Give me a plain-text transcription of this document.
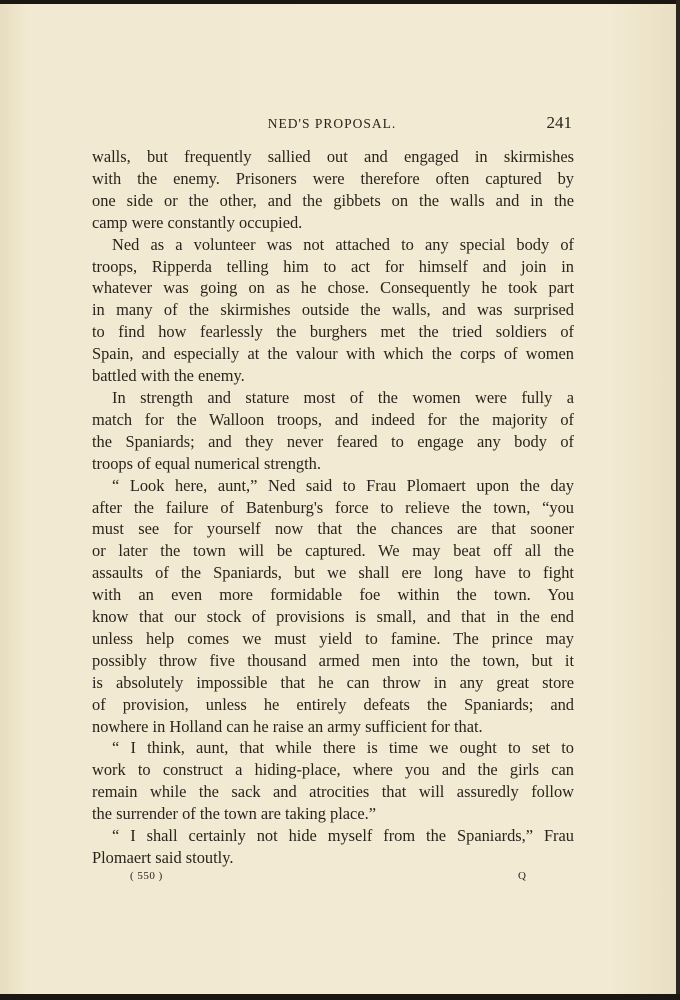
NED'S PROPOSAL.	241
walls, but frequently sallied out and engaged in skirmishes
with the enemy. Prisoners were therefore often captured by
one side or the other, and the gibbets on the walls and in the
camp were constantly occupied.
Ned as a volunteer was not attached to any special body of
troops, Ripperda telling him to act for himself and join in
whatever was going on as he chose. Consequently he took part
in many of the skirmishes outside the walls, and was surprised
to find how fearlessly the burghers met the tried soldiers of
Spain, and especially at the valour with which the corps of women
battled with the enemy.
In strength and stature most of the women were fully a
match for the Walloon troops, and indeed for the majority of
the Spaniards; and they never feared to engage any body of
troops of equal numerical strength.
“ Look here, aunt,” Ned said to Frau Plomaert upon the day
after the failure of Batenburg's force to relieve the town, “you
must see for yourself now that the chances are that sooner
or later the town will be captured. We may beat off all the
assaults of the Spaniards, but we shall ere long have to fight
with an even more formidable foe within the town. You
know that our stock of provisions is small, and that in the end
unless help comes we must yield to famine. The prince may
possibly throw five thousand armed men into the town, but it
is absolutely impossible that he can throw in any great store
of provision, unless he entirely defeats the Spaniards; and
nowhere in Holland can he raise an army sufficient for that.
“ I think, aunt, that while there is time we ought to set to
work to construct a hiding-place, where you and the girls can
remain while the sack and atrocities that will assuredly follow
the surrender of the town are taking place.”
“ I shall certainly not hide myself from the Spaniards,” Frau
Plomaert said stoutly.
( 550 )	Q
